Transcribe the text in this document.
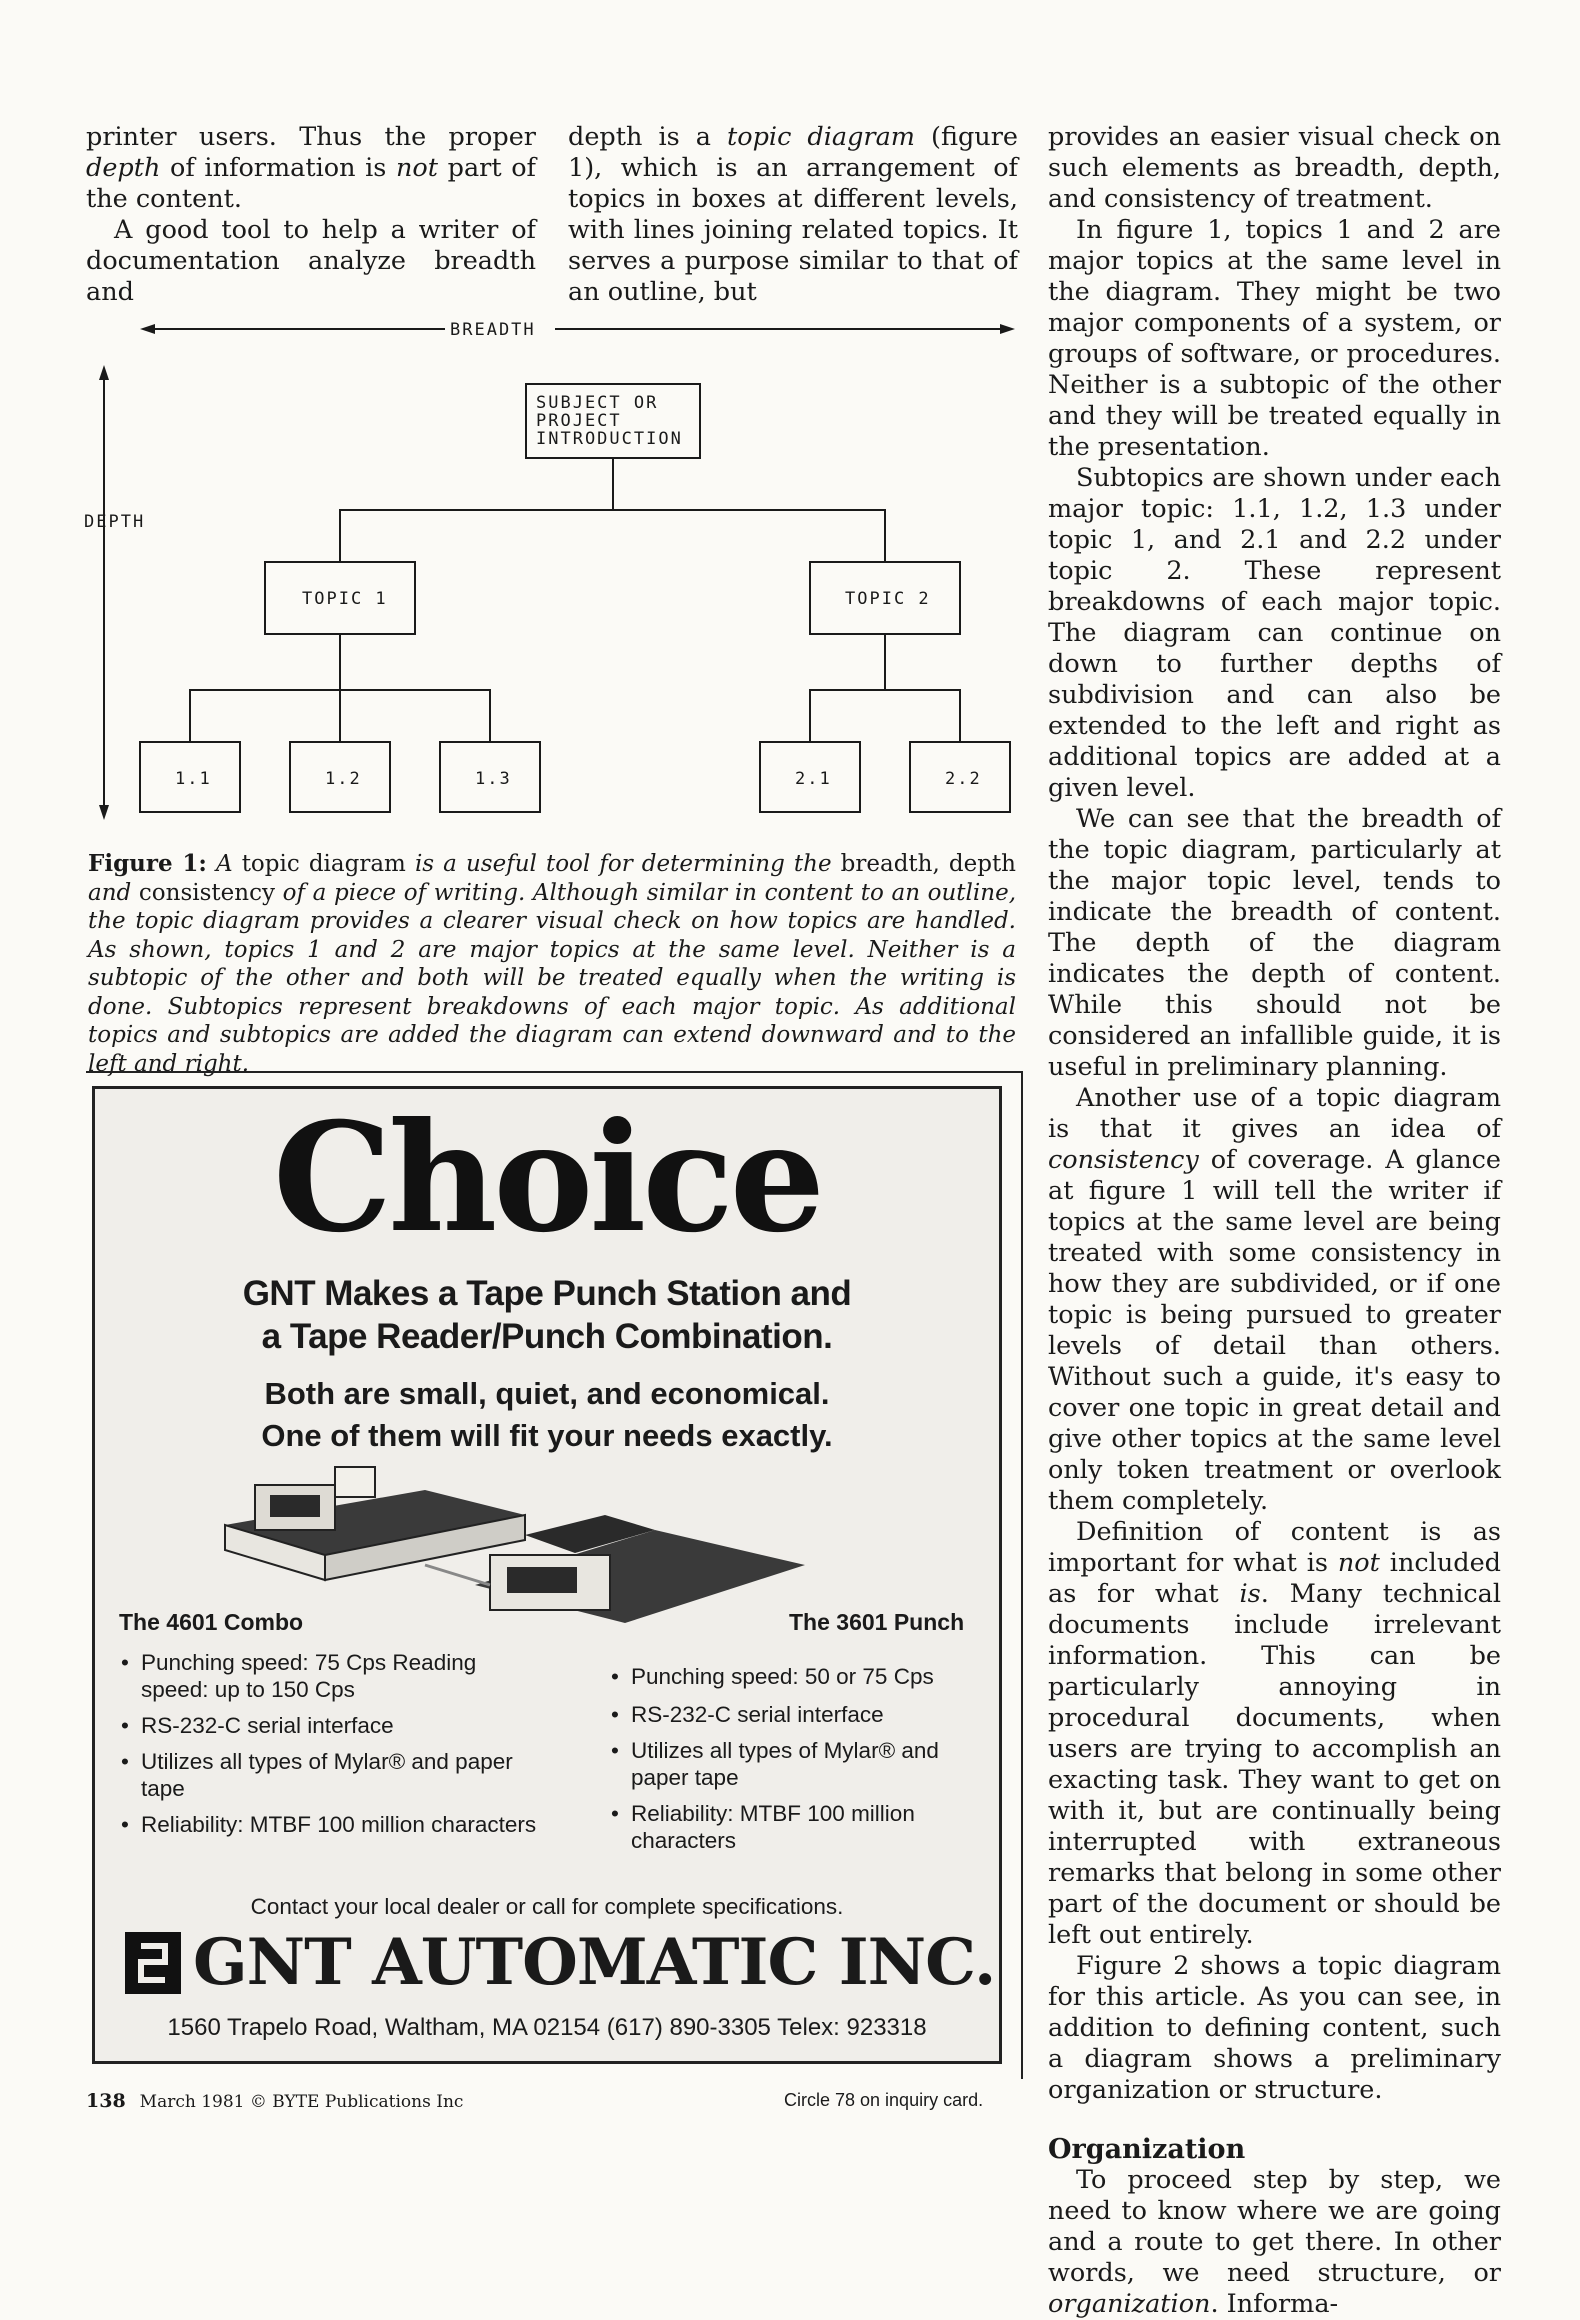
printer users. Thus the proper depth of information is not part of the content.

A good tool to help a writer of documentation analyze breadth and

depth is a topic diagram (figure 1), which is an arrangement of topics in boxes at different levels, with lines joining related topics. It serves a purpose similar to that of an outline, but

provides an easier visual check on such elements as breadth, depth, and consistency of treatment.

In figure 1, topics 1 and 2 are major topics at the same level in the diagram. They might be two major components of a system, or groups of software, or procedures. Neither is a subtopic of the other and they will be treated equally in the presentation.

Subtopics are shown under each major topic: 1.1, 1.2, 1.3 under topic 1, and 2.1 and 2.2 under topic 2. These represent breakdowns of each major topic. The diagram can continue on down to further depths of subdivision and can also be extended to the left and right as additional topics are added at a given level.

We can see that the breadth of the topic diagram, particularly at the major topic level, tends to indicate the breadth of content. The depth of the diagram indicates the depth of content. While this should not be considered an infallible guide, it is useful in preliminary planning.

Another use of a topic diagram is that it gives an idea of consistency of coverage. A glance at figure 1 will tell the writer if topics at the same level are being treated with some consistency in how they are subdivided, or if one topic is being pursued to greater levels of detail than others. Without such a guide, it's easy to cover one topic in great detail and give other topics at the same level only token treatment or overlook them completely.

Definition of content is as important for what is not included as for what is. Many technical documents include irrelevant information. This can be particularly annoying in procedural documents, when users are trying to accomplish an exacting task. They want to get on with it, but are continually being interrupted with extraneous remarks that belong in some other part of the document or should be left out entirely.

Figure 2 shows a topic diagram for this article. As you can see, in addition to defining content, such a diagram shows a preliminary organization or structure.

Organization

To proceed step by step, we need to know where we are going and a route to get there. In other words, we need structure, or organization. Informa-

BREADTH
DEPTH
SUBJECT OR
PROJECT
INTRODUCTION
TOPIC 1	TOPIC 2
1.1	1.2	1.3	2.1	2.2
Figure 1: A topic diagram is a useful tool for determining the breadth, depth and consistency of a piece of writing. Although similar in content to an outline, the topic diagram provides a clearer visual check on how topics are handled. As shown, topics 1 and 2 are major topics at the same level. Neither is a subtopic of the other and both will be treated equally when the writing is done. Subtopics represent breakdowns of each major topic. As additional topics and subtopics are added the diagram can extend downward and to the left and right.
Choice
GNT Makes a Tape Punch Station and
a Tape Reader/Punch Combination.
Both are small, quiet, and economical.
One of them will fit your needs exactly.
The 4601 Combo	The 3601 Punch
• Punching speed: 75 Cps Reading speed: up to 150 Cps
• RS-232-C serial interface
• Utilizes all types of Mylar® and paper tape
• Reliability: MTBF 100 million characters
• Punching speed: 50 or 75 Cps
• RS-232-C serial interface
• Utilizes all types of Mylar® and paper tape
• Reliability: MTBF 100 million characters
Contact your local dealer or call for complete specifications.
GNT AUTOMATIC INC.
1560 Trapelo Road, Waltham, MA 02154 (617) 890-3305 Telex: 923318
138 March 1981 © BYTE Publications Inc	Circle 78 on inquiry card.
